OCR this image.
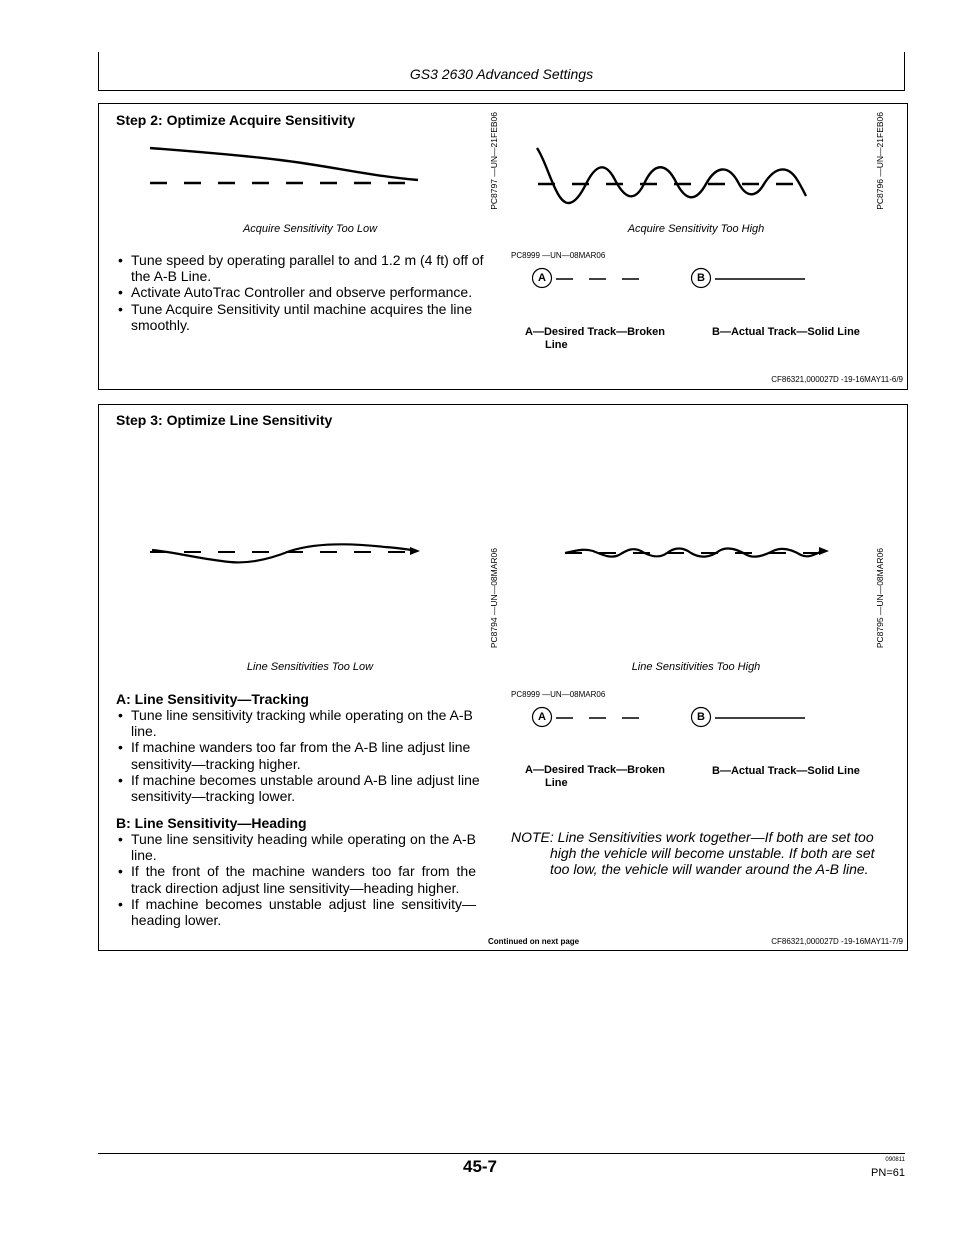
GS3 2630 Advanced Settings
Step 2: Optimize Acquire Sensitivity	PC8797 —UN—21FEB06
Acquire Sensitivity Too Low
PC8796 —UN—21FEB06
Acquire Sensitivity Too High
• Tune speed by operating parallel to and 1.2 m (4 ft) off of the A-B Line.
• Activate AutoTrac Controller and observe performance.
• Tune Acquire Sensitivity until machine acquires the line smoothly.
PC8999 —UN—08MAR06
A	B
A—Desired Track—Broken
Line
B—Actual Track—Solid Line
CF86321,000027D -19-16MAY11-6/9
Step 3: Optimize Line Sensitivity
PC8794 —UN—08MAR06
Line Sensitivities Too Low
PC8795 —UN—08MAR06
Line Sensitivities Too High
A: Line Sensitivity—Tracking
• Tune line sensitivity tracking while operating on the A-B line.
• If machine wanders too far from the A-B line adjust line sensitivity—tracking higher.
• If machine becomes unstable around A-B line adjust line sensitivity—tracking lower.
B: Line Sensitivity—Heading
• Tune line sensitivity heading while operating on the A-B line.
• If the front of the machine wanders too far from the track direction adjust line sensitivity—heading higher.
• If machine becomes unstable adjust line sensitivity—heading lower.
PC8999 —UN—08MAR06
A	B
A—Desired Track—Broken
Line
B—Actual Track—Solid Line
NOTE: Line Sensitivities work together—If both are set too
high the vehicle will become unstable. If both are set
too low, the vehicle will wander around the A-B line.
Continued on next page	CF86321,000027D -19-16MAY11-7/9
45-7	090811
PN=61
